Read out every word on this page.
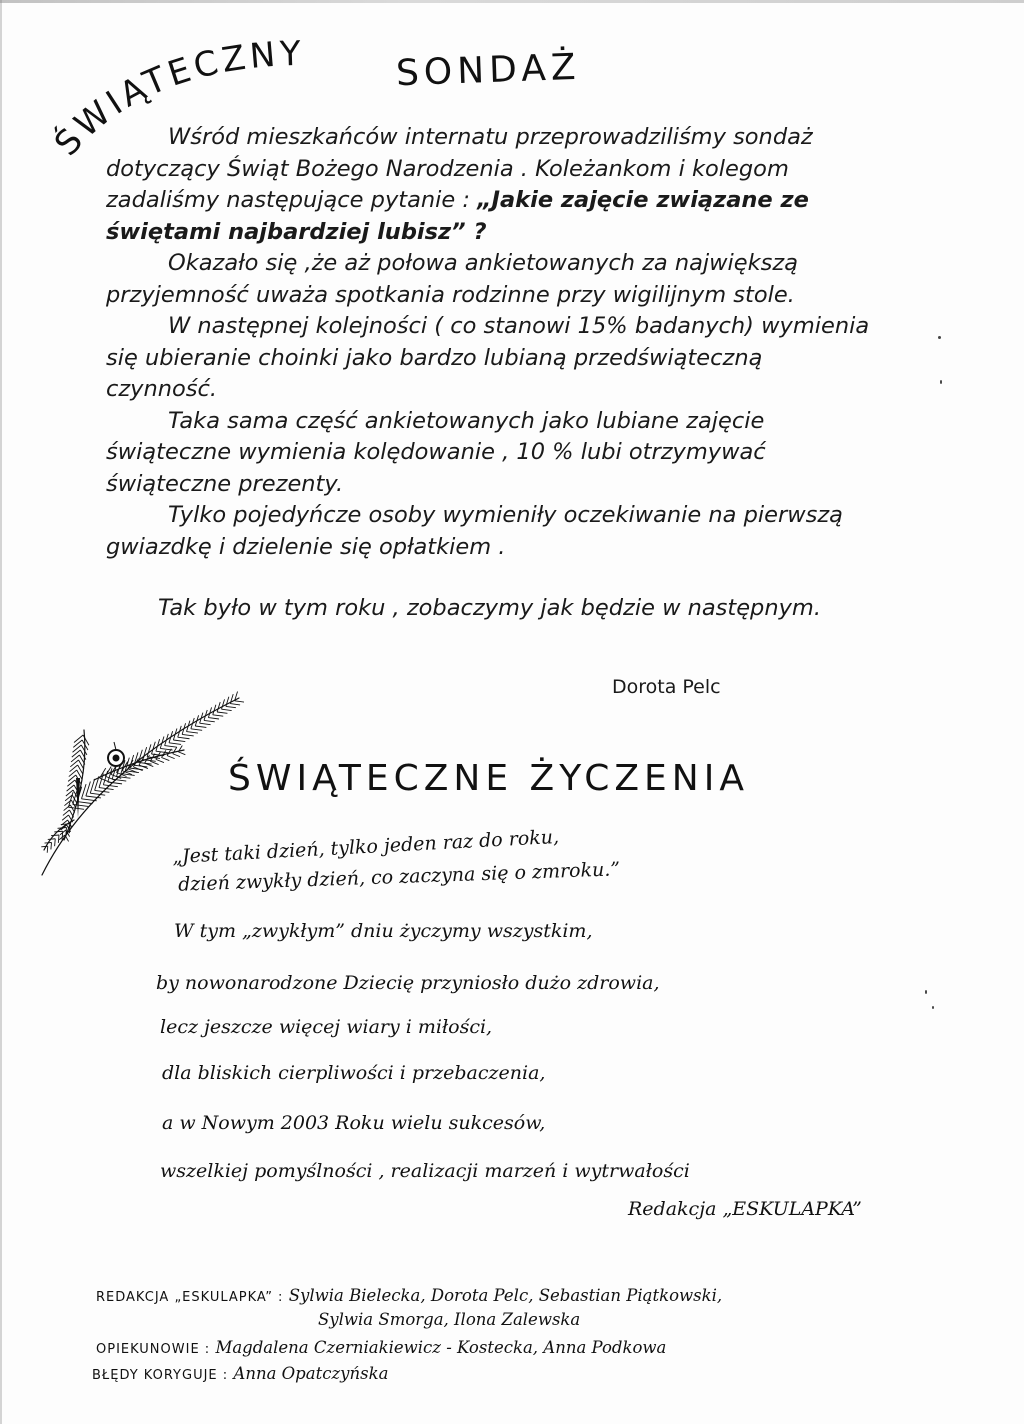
ŚWIĄTECZNY	SONDAŻ

Wśród mieszkańców internatu przeprowadziliśmy sondaż dotyczący Świąt Bożego Narodzenia . Koleżankom i kolegom zadaliśmy następujące pytanie : „Jakie zajęcie związane ze świętami najbardziej lubisz” ?

Okazało się ,że aż połowa ankietowanych za największą przyjemność uważa spotkania rodzinne przy wigilijnym stole.

W następnej kolejności ( co stanowi 15% badanych) wymienia się ubieranie choinki jako bardzo lubianą przedświąteczną czynność.

Taka sama część ankietowanych jako lubiane zajęcie świąteczne wymienia kolędowanie , 10 % lubi otrzymywać świąteczne prezenty.

Tylko pojedyńcze osoby wymieniły oczekiwanie na pierwszą gwiazdkę i dzielenie się opłatkiem .

Tak było w tym roku , zobaczymy jak będzie w następnym.

Dorota Pelc
ŚWIĄTECZNE ŻYCZENIA
„Jest taki dzień, tylko jeden raz do roku,
dzień zwykły dzień, co zaczyna się o zmroku.”
W tym „zwykłym” dniu życzymy wszystkim,
by nowonarodzone Dziecię przyniosło dużo zdrowia,
lecz jeszcze więcej wiary i miłości,
dla bliskich cierpliwości i przebaczenia,
a w Nowym 2003 Roku wielu sukcesów,
wszelkiej pomyślności , realizacji marzeń i wytrwałości
Redakcja „ESKULAPKA”
REDAKCJA „ESKULAPKA” : Sylwia Bielecka, Dorota Pelc, Sebastian Piątkowski,
Sylwia Smorga, Ilona Zalewska
OPIEKUNOWIE : Magdalena Czerniakiewicz - Kostecka, Anna Podkowa
BŁĘDY KORYGUJE : Anna Opatczyńska
